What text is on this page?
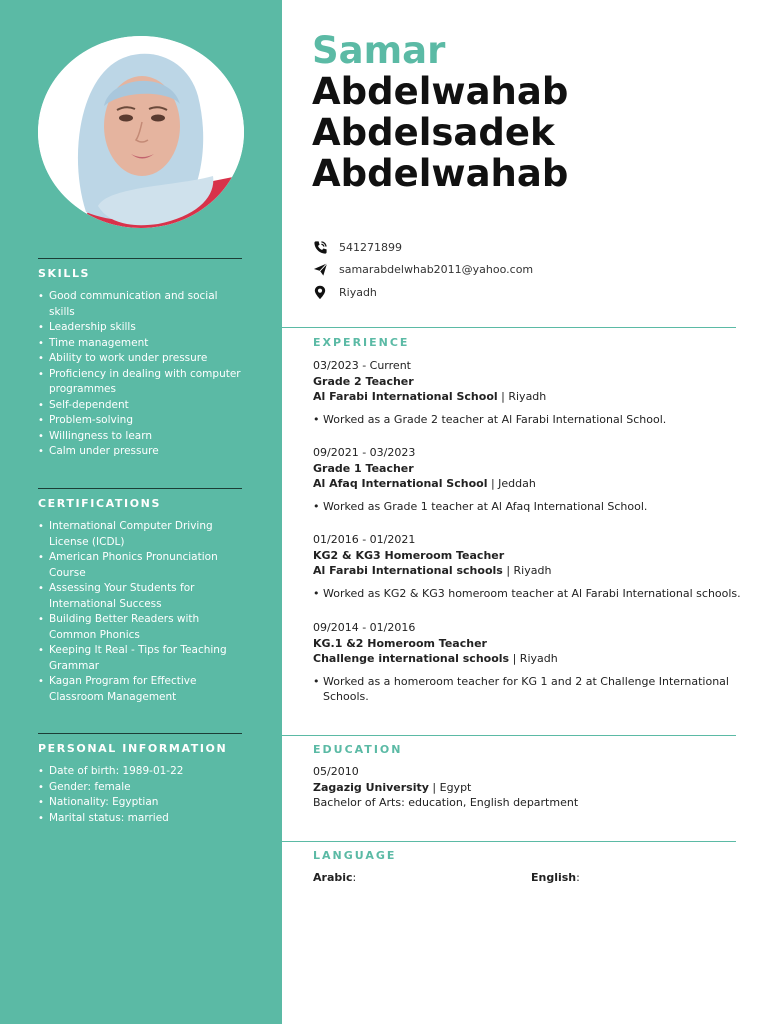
SKILLS
• Good communication and social skills
• Leadership skills
• Time management
• Ability to work under pressure
• Proficiency in dealing with computer programmes
• Self-dependent
• Problem-solving
• Willingness to learn
• Calm under pressure
CERTIFICATIONS
• International Computer Driving License (ICDL)
• American Phonics Pronunciation Course
• Assessing Your Students for International Success
• Building Better Readers with Common Phonics
• Keeping It Real - Tips for Teaching Grammar
• Kagan Program for Effective Classroom Management
PERSONAL INFORMATION
• Date of birth: 1989-01-22
• Gender: female
• Nationality: Egyptian
• Marital status: married
Samar
Abdelwahab
Abdelsadek
Abdelwahab
541271899
samarabdelwhab2011@yahoo.com
Riyadh
EXPERIENCE
03/2023 - Current
Grade 2 Teacher
Al Farabi International School | Riyadh
• Worked as a Grade 2 teacher at Al Farabi International School.
09/2021 - 03/2023
Grade 1 Teacher
Al Afaq International School | Jeddah
• Worked as Grade 1 teacher at Al Afaq International School.
01/2016 - 01/2021
KG2 & KG3 Homeroom Teacher
Al Farabi International schools | Riyadh
• Worked as KG2 & KG3 homeroom teacher at Al Farabi International schools.
09/2014 - 01/2016
KG.1 &2 Homeroom Teacher
Challenge international schools | Riyadh
• Worked as a homeroom teacher for KG 1 and 2 at Challenge International Schools.
EDUCATION
05/2010
Zagazig University | Egypt
Bachelor of Arts: education, English department
LANGUAGE
Arabic:	English:
